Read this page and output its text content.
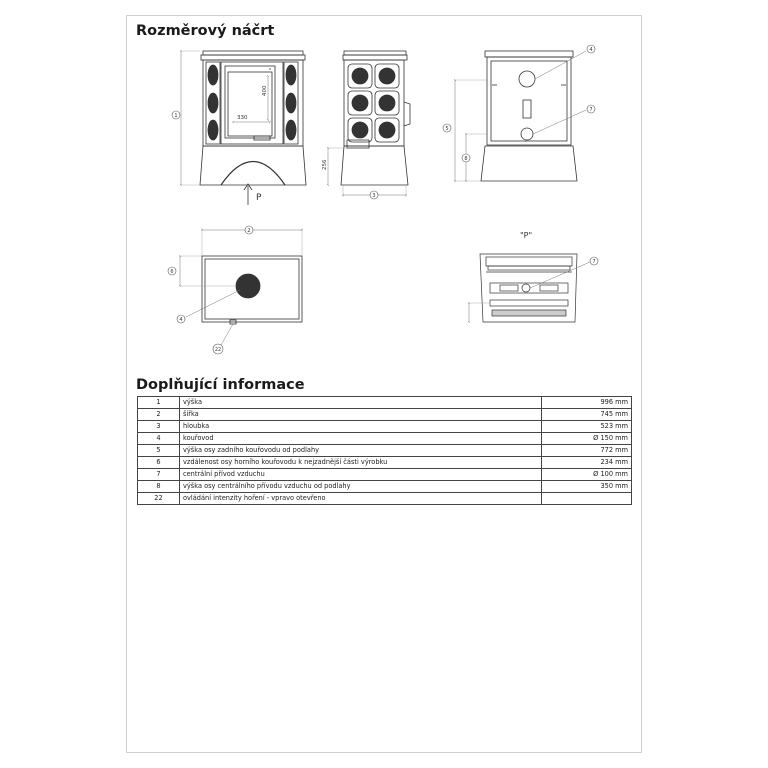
Rozměrový náčrt
330
400
1
P
256
3
4
7
5
8
2
6
4
22
"P"
7
Doplňující informace
1	výška	996 mm
2	šířka	745 mm
3	hloubka	523 mm
4	kouřovod	Ø 150 mm
5	výška osy zadního kouřovodu od podlahy	772 mm
6	vzdálenost osy horního kouřovodu k nejzadnější části výrobku	234 mm
7	centrální přívod vzduchu	Ø 100 mm
8	výška osy centrálního přívodu vzduchu od podlahy	350 mm
22	ovládání intenzity hoření - vpravo otevřeno	
